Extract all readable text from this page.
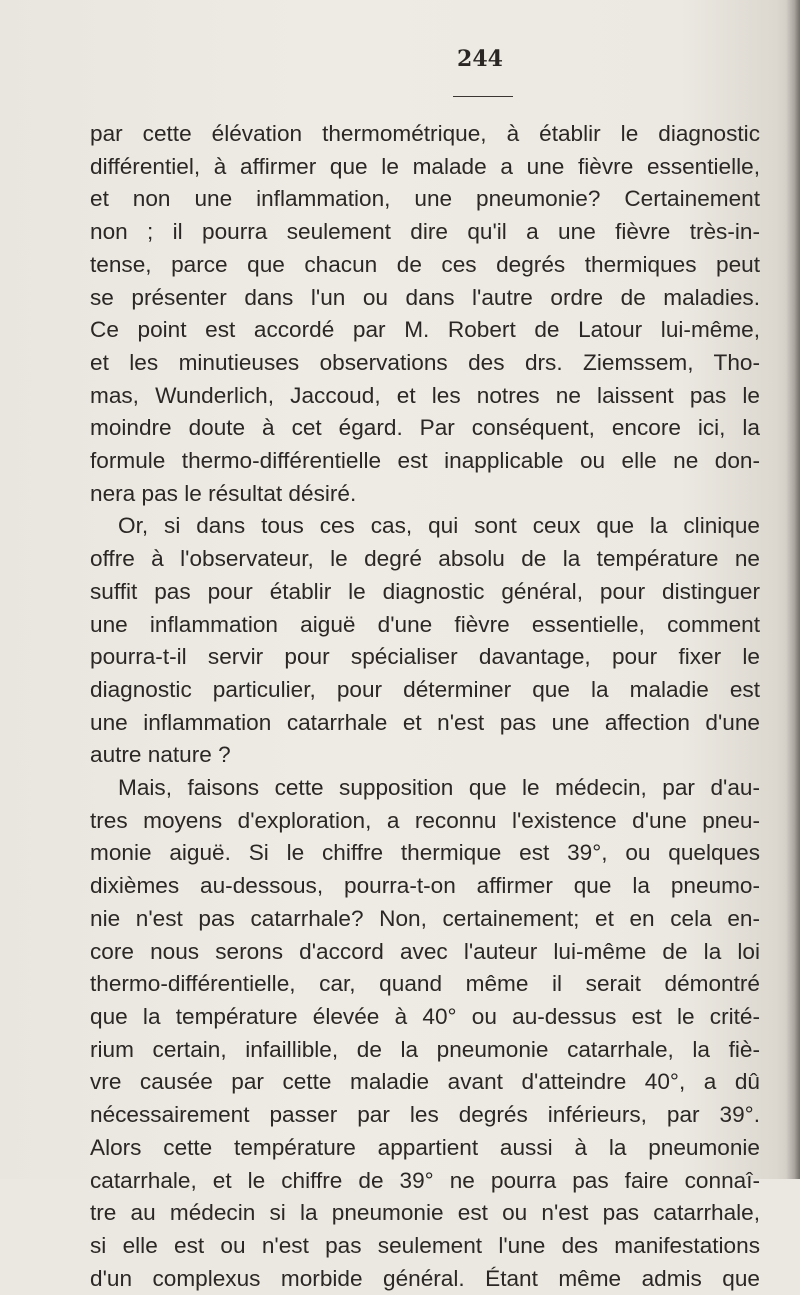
244

par cette élévation thermométrique, à établir le diagnostic
différentiel, à affirmer que le malade a une fièvre essentielle,
et non une inflammation, une pneumonie? Certainement
non ; il pourra seulement dire qu'il a une fièvre très-in-
tense, parce que chacun de ces degrés thermiques peut
se présenter dans l'un ou dans l'autre ordre de maladies.
Ce point est accordé par M. Robert de Latour lui-même,
et les minutieuses observations des drs. Ziemssem, Tho-
mas, Wunderlich, Jaccoud, et les notres ne laissent pas le
moindre doute à cet égard. Par conséquent, encore ici, la
formule thermo-différentielle est inapplicable ou elle ne don-
nera pas le résultat désiré.

Or, si dans tous ces cas, qui sont ceux que la clinique
offre à l'observateur, le degré absolu de la température ne
suffit pas pour établir le diagnostic général, pour distinguer
une inflammation aiguë d'une fièvre essentielle, comment
pourra-t-il servir pour spécialiser davantage, pour fixer le
diagnostic particulier, pour déterminer que la maladie est
une inflammation catarrhale et n'est pas une affection d'une
autre nature ?

Mais, faisons cette supposition que le médecin, par d'au-
tres moyens d'exploration, a reconnu l'existence d'une pneu-
monie aiguë. Si le chiffre thermique est 39°, ou quelques
dixièmes au-dessous, pourra-t-on affirmer que la pneumo-
nie n'est pas catarrhale? Non, certainement; et en cela en-
core nous serons d'accord avec l'auteur lui-même de la loi
thermo-différentielle, car, quand même il serait démontré
que la température élevée à 40° ou au-dessus est le crité-
rium certain, infaillible, de la pneumonie catarrhale, la fiè-
vre causée par cette maladie avant d'atteindre 40°, a dû
nécessairement passer par les degrés inférieurs, par 39°.
Alors cette température appartient aussi à la pneumonie
catarrhale, et le chiffre de 39° ne pourra pas faire connaî-
tre au médecin si la pneumonie est ou n'est pas catarrhale,
si elle est ou n'est pas seulement l'une des manifestations
d'un complexus morbide général. Étant même admis que
